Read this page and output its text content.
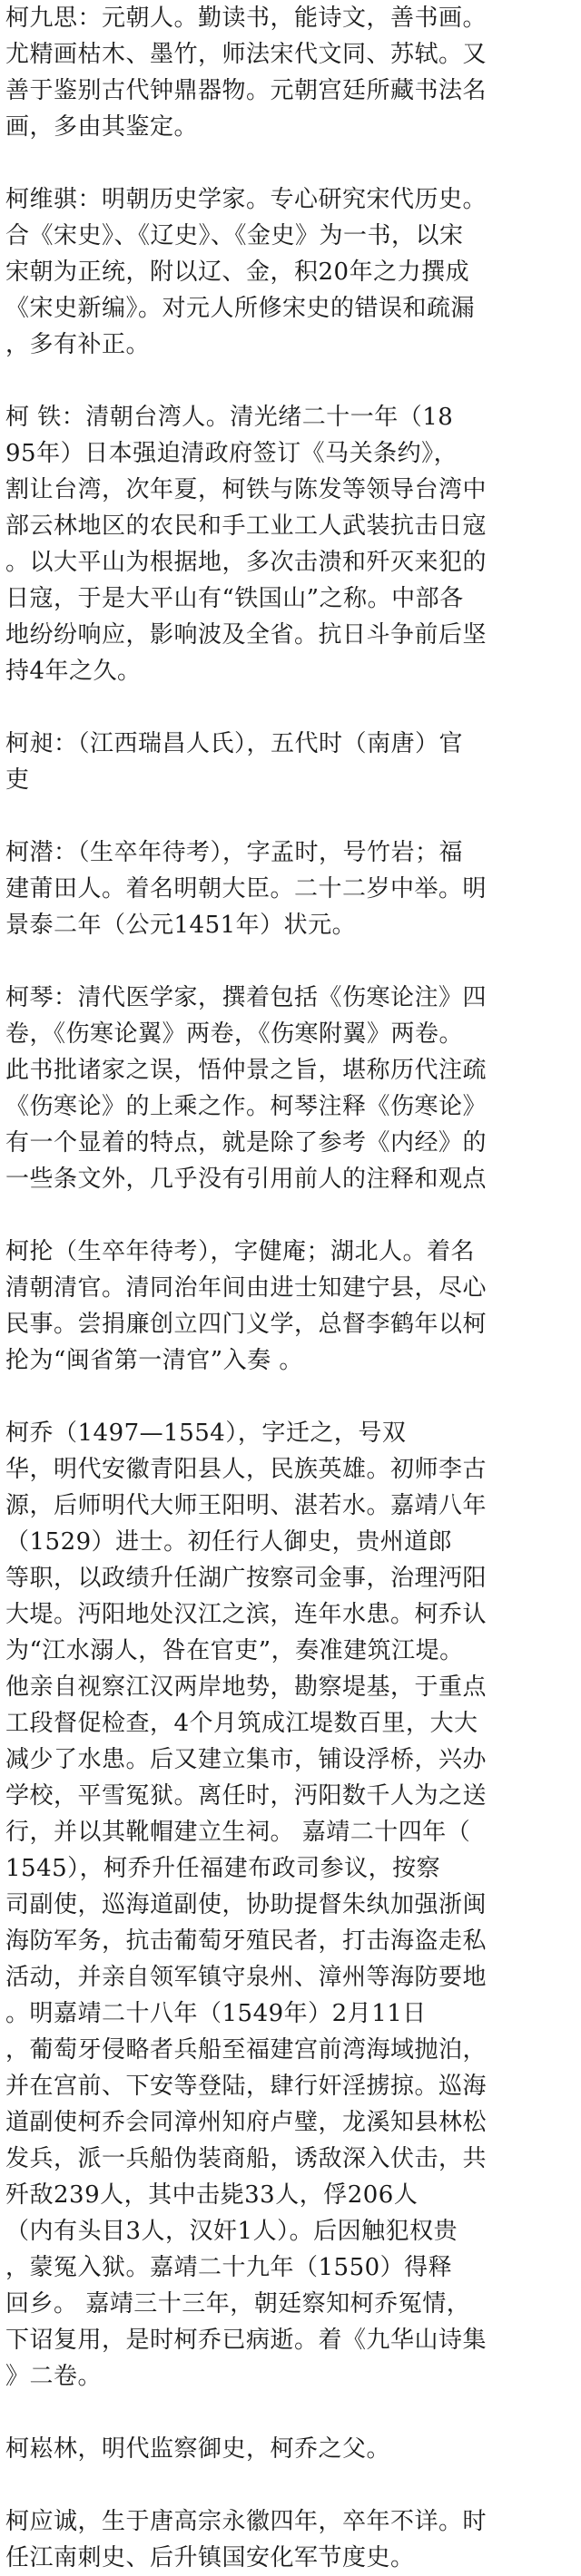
柯九思：元朝人。勤读书，能诗文，善书画。
尤精画枯木、墨竹，师法宋代文同、苏轼。又
善于鉴别古代钟鼎器物。元朝宫廷所藏书法名
画，多由其鉴定。
柯维骐：明朝历史学家。专心研究宋代历史。
合《宋史》、《辽史》、《金史》为一书，以宋
宋朝为正统，附以辽、金，积20年之力撰成
《宋史新编》。对元人所修宋史的错误和疏漏
，多有补正。
柯 铁：清朝台湾人。清光绪二十一年（18
95年）日本强迫清政府签订《马关条约》，
割让台湾，次年夏，柯铁与陈发等领导台湾中
部云林地区的农民和手工业工人武装抗击日寇
。以大平山为根据地，多次击溃和歼灭来犯的
日寇，于是大平山有“铁国山”之称。中部各
地纷纷响应，影响波及全省。抗日斗争前后坚
持4年之久。
柯昶：（江西瑞昌人氏），五代时（南唐）官
吏
柯潜：（生卒年待考），字孟时，号竹岩；福
建莆田人。着名明朝大臣。二十二岁中举。明
景泰二年（公元1451年）状元。
柯琴：清代医学家，撰着包括《伤寒论注》四
卷，《伤寒论翼》两卷，《伤寒附翼》两卷。
此书批诸家之误，悟仲景之旨，堪称历代注疏
《伤寒论》的上乘之作。柯琴注释《伤寒论》
有一个显着的特点，就是除了参考《内经》的
一些条文外，几乎没有引用前人的注释和观点
柯抡（生卒年待考），字健庵；湖北人。着名
清朝清官。清同治年间由进士知建宁县，尽心
民事。尝捐廉创立四门义学，总督李鹤年以柯
抡为“闽省第一清官”入奏 。
柯乔（1497—1554），字迁之，号双
华，明代安徽青阳县人，民族英雄。初师李古
源，后师明代大师王阳明、湛若水。嘉靖八年
（1529）进士。初任行人御史，贵州道郎
等职，以政绩升任湖广按察司金事，治理沔阳
大堤。沔阳地处汉江之滨，连年水患。柯乔认
为“江水溺人，咎在官吏”，奏准建筑江堤。
他亲自视察江汉两岸地势，勘察堤基，于重点
工段督促检查，4个月筑成江堤数百里，大大
减少了水患。后又建立集市，铺设浮桥，兴办
学校，平雪冤狱。离任时，沔阳数千人为之送
行，并以其靴帽建立生祠。 嘉靖二十四年（
1545），柯乔升任福建布政司参议，按察
司副使，巡海道副使，协助提督朱纨加强浙闽
海防军务，抗击葡萄牙殖民者，打击海盗走私
活动，并亲自领军镇守泉州、漳州等海防要地
。明嘉靖二十八年（1549年）2月11日
，葡萄牙侵略者兵船至福建宫前湾海域抛泊，
并在宫前、下安等登陆，肆行奸淫掳掠。巡海
道副使柯乔会同漳州知府卢璧，龙溪知县林松
发兵，派一兵船伪装商船，诱敌深入伏击，共
歼敌239人，其中击毙33人，俘206人
（内有头目3人，汉奸1人）。后因触犯权贵
，蒙冤入狱。嘉靖二十九年（1550）得释
回乡。 嘉靖三十三年，朝廷察知柯乔冤情，
下诏复用，是时柯乔已病逝。着《九华山诗集
》二卷。
柯崧林，明代监察御史，柯乔之父。
柯应诚，生于唐高宗永徽四年，卒年不详。时
任江南刺史、后升镇国安化军节度史。
